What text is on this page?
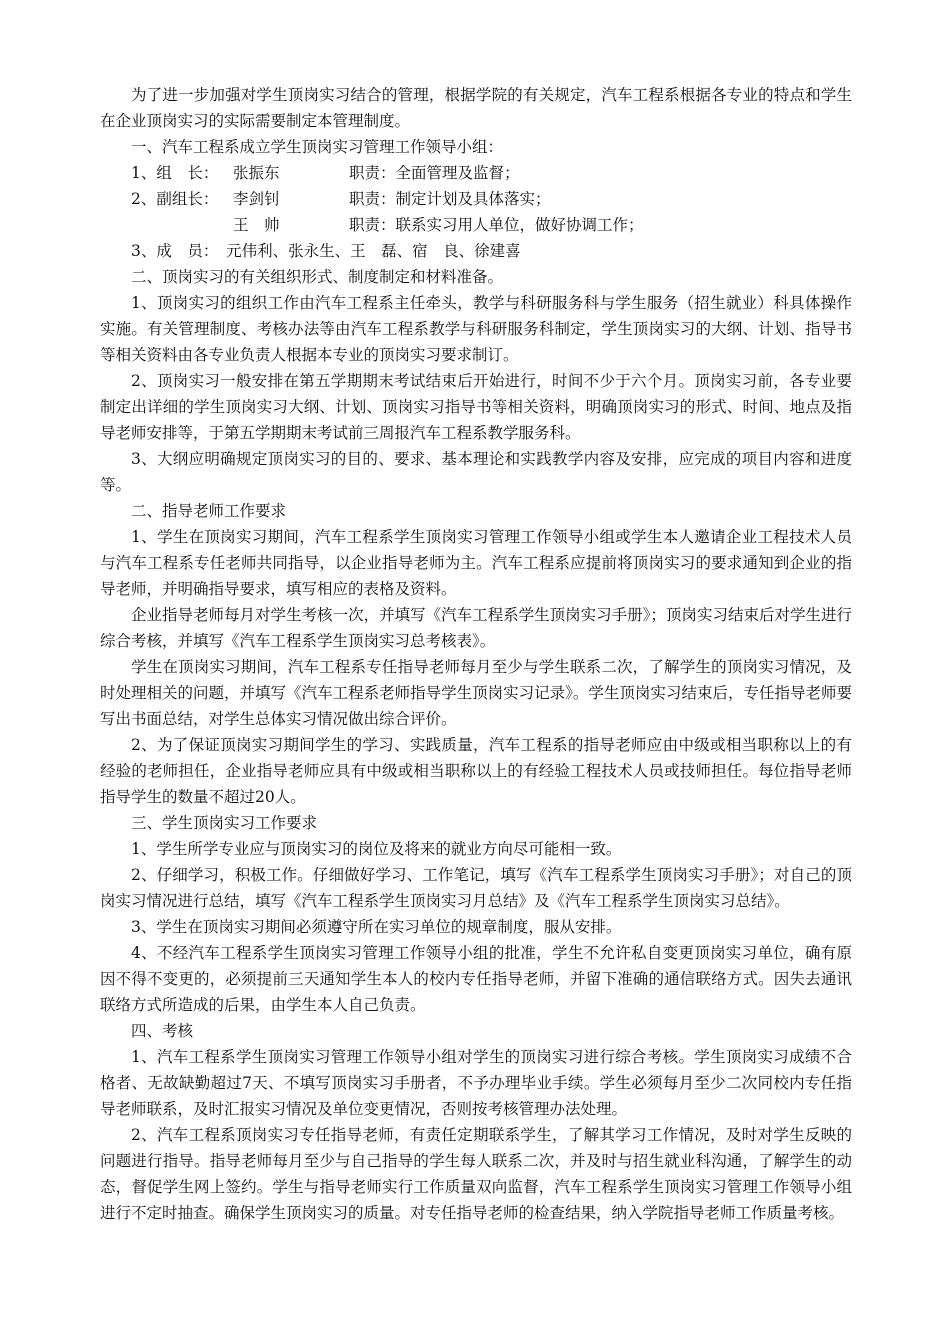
为了进一步加强对学生顶岗实习结合的管理，根据学院的有关规定，汽车工程系根据各专业的特点和学生在企业顶岗实习的实际需要制定本管理制度。

一、汽车工程系成立学生顶岗实习管理工作领导小组：

1、组　长： 张振东	职责：全面管理及监督；

2、副组长： 李剑钊	职责：制定计划及具体落实；

王　帅	职责：联系实习用人单位，做好协调工作；

3、成　员：　元伟利、张永生、王　磊、宿　良、徐建喜

二、顶岗实习的有关组织形式、制度制定和材料准备。

1、顶岗实习的组织工作由汽车工程系主任牵头，教学与科研服务科与学生服务（招生就业）科具体操作实施。有关管理制度、考核办法等由汽车工程系教学与科研服务科制定，学生顶岗实习的大纲、计划、指导书等相关资料由各专业负责人根据本专业的顶岗实习要求制订。

2、顶岗实习一般安排在第五学期期末考试结束后开始进行，时间不少于六个月。顶岗实习前，各专业要制定出详细的学生顶岗实习大纲、计划、顶岗实习指导书等相关资料，明确顶岗实习的形式、时间、地点及指导老师安排等，于第五学期期末考试前三周报汽车工程系教学服务科。

3、大纲应明确规定顶岗实习的目的、要求、基本理论和实践教学内容及安排，应完成的项目内容和进度等。

二、指导老师工作要求

1、学生在顶岗实习期间，汽车工程系学生顶岗实习管理工作领导小组或学生本人邀请企业工程技术人员与汽车工程系专任老师共同指导，以企业指导老师为主。汽车工程系应提前将顶岗实习的要求通知到企业的指导老师，并明确指导要求，填写相应的表格及资料。

企业指导老师每月对学生考核一次，并填写《汽车工程系学生顶岗实习手册》；顶岗实习结束后对学生进行综合考核，并填写《汽车工程系学生顶岗实习总考核表》。

学生在顶岗实习期间，汽车工程系专任指导老师每月至少与学生联系二次，了解学生的顶岗实习情况，及时处理相关的问题，并填写《汽车工程系老师指导学生顶岗实习记录》。学生顶岗实习结束后，专任指导老师要写出书面总结，对学生总体实习情况做出综合评价。

2、为了保证顶岗实习期间学生的学习、实践质量，汽车工程系的指导老师应由中级或相当职称以上的有经验的老师担任，企业指导老师应具有中级或相当职称以上的有经验工程技术人员或技师担任。每位指导老师指导学生的数量不超过20人。

三、学生顶岗实习工作要求

1、学生所学专业应与顶岗实习的岗位及将来的就业方向尽可能相一致。

2、仔细学习，积极工作。仔细做好学习、工作笔记，填写《汽车工程系学生顶岗实习手册》；对自己的顶岗实习情况进行总结，填写《汽车工程系学生顶岗实习月总结》及《汽车工程系学生顶岗实习总结》。

3、学生在顶岗实习期间必须遵守所在实习单位的规章制度，服从安排。

4、不经汽车工程系学生顶岗实习管理工作领导小组的批准，学生不允许私自变更顶岗实习单位，确有原因不得不变更的，必须提前三天通知学生本人的校内专任指导老师，并留下准确的通信联络方式。因失去通讯联络方式所造成的后果，由学生本人自己负责。

四、考核

1、汽车工程系学生顶岗实习管理工作领导小组对学生的顶岗实习进行综合考核。学生顶岗实习成绩不合格者、无故缺勤超过7天、不填写顶岗实习手册者，不予办理毕业手续。学生必须每月至少二次同校内专任指导老师联系，及时汇报实习情况及单位变更情况，否则按考核管理办法处理。

2、汽车工程系顶岗实习专任指导老师，有责任定期联系学生，了解其学习工作情况，及时对学生反映的问题进行指导。指导老师每月至少与自己指导的学生每人联系二次，并及时与招生就业科沟通，了解学生的动态，督促学生网上签约。学生与指导老师实行工作质量双向监督，汽车工程系学生顶岗实习管理工作领导小组进行不定时抽查。确保学生顶岗实习的质量。对专任指导老师的检查结果，纳入学院指导老师工作质量考核。
